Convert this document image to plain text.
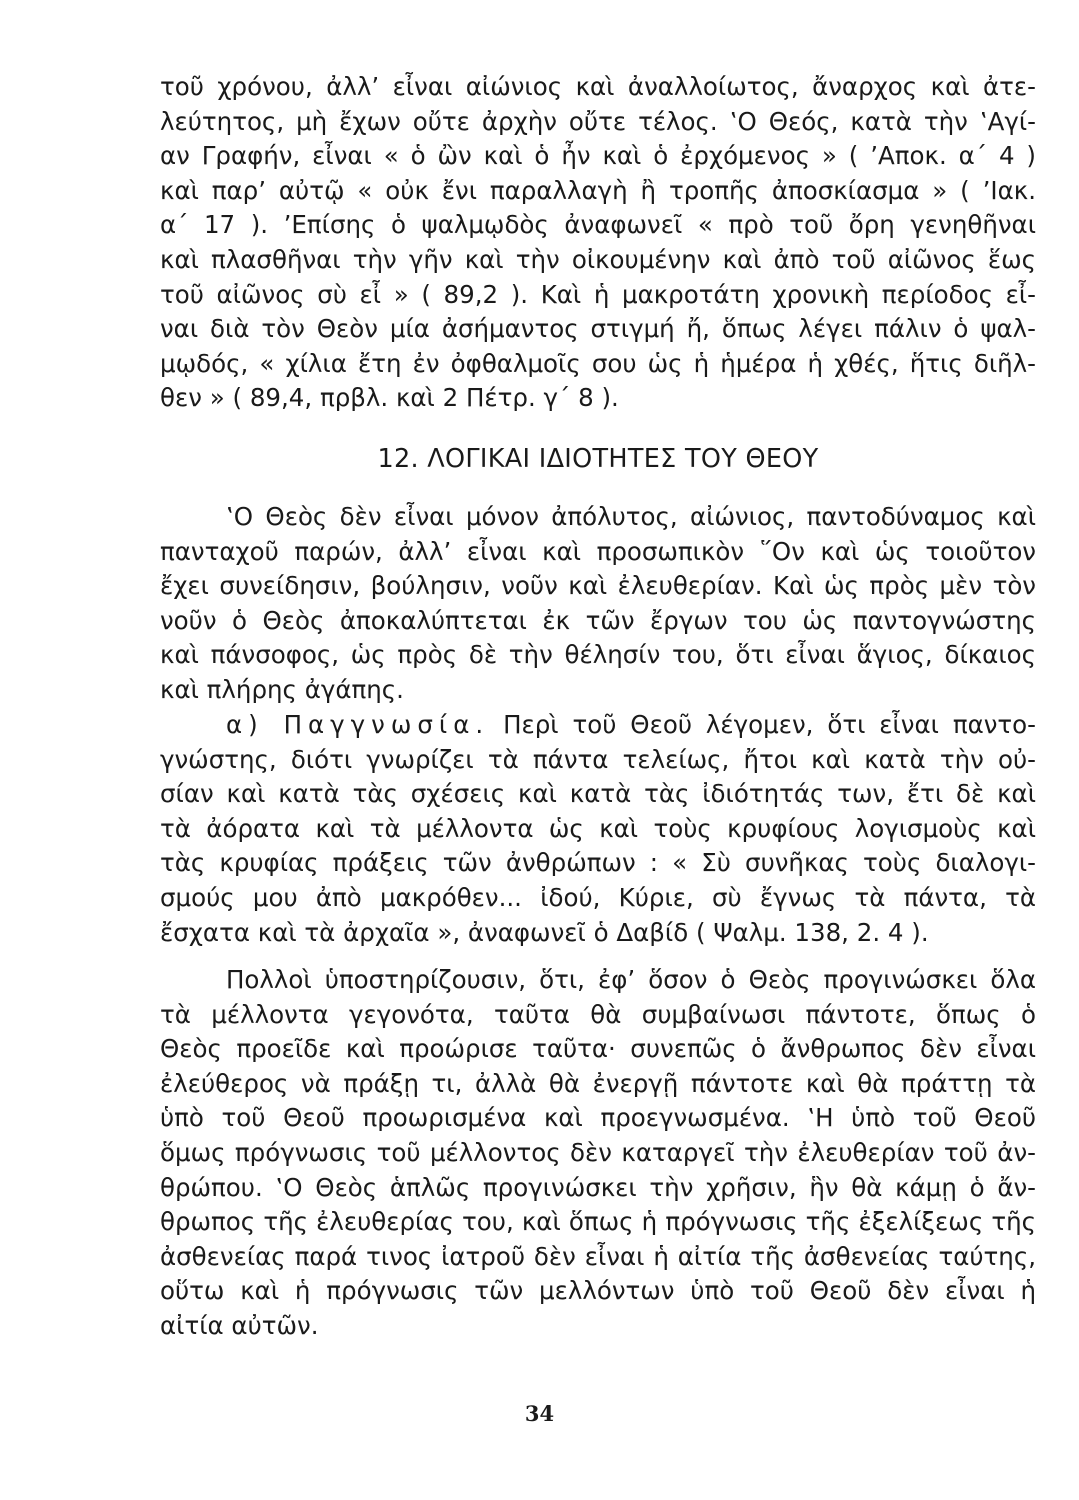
τοῦ χρόνου, ἀλλ’ εἶναι αἰώνιος καὶ ἀναλλοίωτος, ἄναρχος καὶ ἀτε-
λεύτητος, μὴ ἔχων οὔτε ἀρχὴν οὔτε τέλος. ‛Ο Θεός, κατὰ τὴν ‛Αγί-
αν Γραφήν, εἶναι « ὁ ὢν καὶ ὁ ἦν καὶ ὁ ἐρχόμενος » ( ’Αποκ. α΄ 4 )
καὶ παρ’ αὐτῷ « οὐκ ἔνι παραλλαγὴ ἢ τροπῆς ἀποσκίασμα » ( ’Ιακ.
α΄ 17 ). ’Επίσης ὁ ψαλμῳδὸς ἀναφωνεῖ « πρὸ τοῦ ὄρη γενηθῆναι
καὶ πλασθῆναι τὴν γῆν καὶ τὴν οἰκουμένην καὶ ἀπὸ τοῦ αἰῶνος ἕως
τοῦ αἰῶνος σὺ εἶ » ( 89,2 ). Καὶ ἡ μακροτάτη χρονικὴ περίοδος εἶ-
ναι διὰ τὸν Θεὸν μία ἀσήμαντος στιγμή ἤ, ὅπως λέγει πάλιν ὁ ψαλ-
μῳδός, « χίλια ἔτη ἐν ὀφθαλμοῖς σου ὡς ἡ ἡμέρα ἡ χθές, ἥτις διῆλ-
θεν » ( 89,4, πρβλ. καὶ 2 Πέτρ. γ΄ 8 ).
12. ΛΟΓΙΚΑΙ ΙΔΙΟΤΗΤΕΣ ΤΟΥ ΘΕΟΥ
‛Ο Θεὸς δὲν εἶναι μόνον ἀπόλυτος, αἰώνιος, παντοδύναμος καὶ
πανταχοῦ παρών, ἀλλ’ εἶναι καὶ προσωπικὸν ῞Ον καὶ ὡς τοιοῦτον
ἔχει συνείδησιν, βούλησιν, νοῦν καὶ ἐλευθερίαν. Καὶ ὡς πρὸς μὲν τὸν
νοῦν ὁ Θεὸς ἀποκαλύπτεται ἐκ τῶν ἔργων του ὡς παντογνώστης
καὶ πάνσοφος, ὡς πρὸς δὲ τὴν θέλησίν του, ὅτι εἶναι ἅγιος, δίκαιος
καὶ πλήρης ἀγάπης.
α) Παγγνωσία. Περὶ τοῦ Θεοῦ λέγομεν, ὅτι εἶναι παντο-
γνώστης, διότι γνωρίζει τὰ πάντα τελείως, ἤτοι καὶ κατὰ τὴν οὐ-
σίαν καὶ κατὰ τὰς σχέσεις καὶ κατὰ τὰς ἰδιότητάς των, ἔτι δὲ καὶ
τὰ ἀόρατα καὶ τὰ μέλλοντα ὡς καὶ τοὺς κρυφίους λογισμοὺς καὶ
τὰς κρυφίας πράξεις τῶν ἀνθρώπων : « Σὺ συνῆκας τοὺς διαλογι-
σμούς μου ἀπὸ μακρόθεν... ἰδού, Κύριε, σὺ ἔγνως τὰ πάντα, τὰ
ἔσχατα καὶ τὰ ἀρχαῖα », ἀναφωνεῖ ὁ Δαβίδ ( Ψαλμ. 138, 2. 4 ).
Πολλοὶ ὑποστηρίζουσιν, ὅτι, ἐφ’ ὅσον ὁ Θεὸς προγινώσκει ὅλα
τὰ μέλλοντα γεγονότα, ταῦτα θὰ συμβαίνωσι πάντοτε, ὅπως ὁ
Θεὸς προεῖδε καὶ προώρισε ταῦτα· συνεπῶς ὁ ἄνθρωπος δὲν εἶναι
ἐλεύθερος νὰ πράξῃ τι, ἀλλὰ θὰ ἐνεργῇ πάντοτε καὶ θὰ πράττῃ τὰ
ὑπὸ τοῦ Θεοῦ προωρισμένα καὶ προεγνωσμένα. ‛Η ὑπὸ τοῦ Θεοῦ
ὅμως πρόγνωσις τοῦ μέλλοντος δὲν καταργεῖ τὴν ἐλευθερίαν τοῦ ἀν-
θρώπου. ‛Ο Θεὸς ἁπλῶς προγινώσκει τὴν χρῆσιν, ἣν θὰ κάμῃ ὁ ἄν-
θρωπος τῆς ἐλευθερίας του, καὶ ὅπως ἡ πρόγνωσις τῆς ἐξελίξεως τῆς
ἀσθενείας παρά τινος ἰατροῦ δὲν εἶναι ἡ αἰτία τῆς ἀσθενείας ταύτης,
οὕτω καὶ ἡ πρόγνωσις τῶν μελλόντων ὑπὸ τοῦ Θεοῦ δὲν εἶναι ἡ
αἰτία αὐτῶν.
34
